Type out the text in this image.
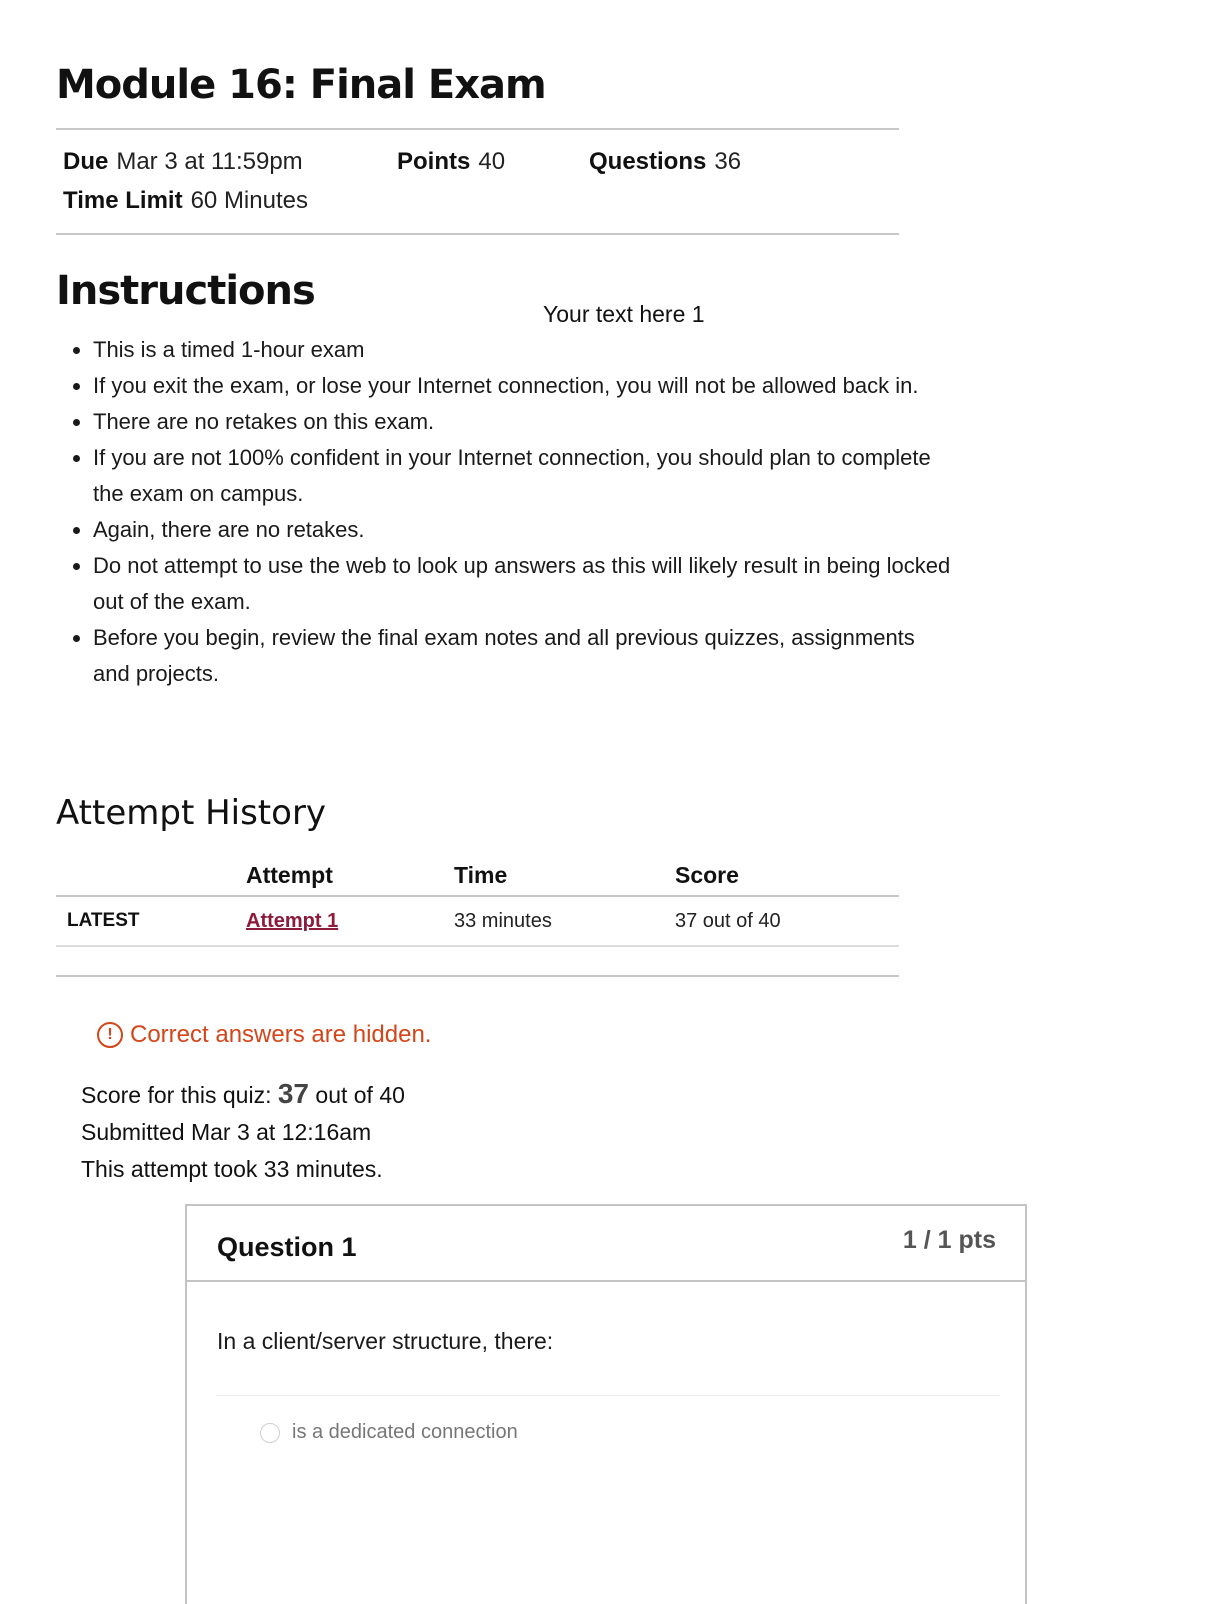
Module 16: Final Exam
Due Mar 3 at 11:59pm	Points 40	Questions 36
Time Limit 60 Minutes
Instructions	Your text here 1
• This is a timed 1-hour exam
• If you exit the exam, or lose your Internet connection, you will not be allowed back in.
• There are no retakes on this exam.
• If you are not 100% confident in your Internet connection, you should plan to complete the exam on campus.
• Again, there are no retakes.
• Do not attempt to use the web to look up answers as this will likely result in being locked out of the exam.
• Before you begin, review the final exam notes and all previous quizzes, assignments and projects.
Attempt History
	Attempt	Time	Score
LATEST	Attempt 1	33 minutes	37 out of 40
! Correct answers are hidden.
Score for this quiz: 37 out of 40
Submitted Mar 3 at 12:16am
This attempt took 33 minutes.
Question 1	1 / 1 pts
In a client/server structure, there:
is a dedicated connection
